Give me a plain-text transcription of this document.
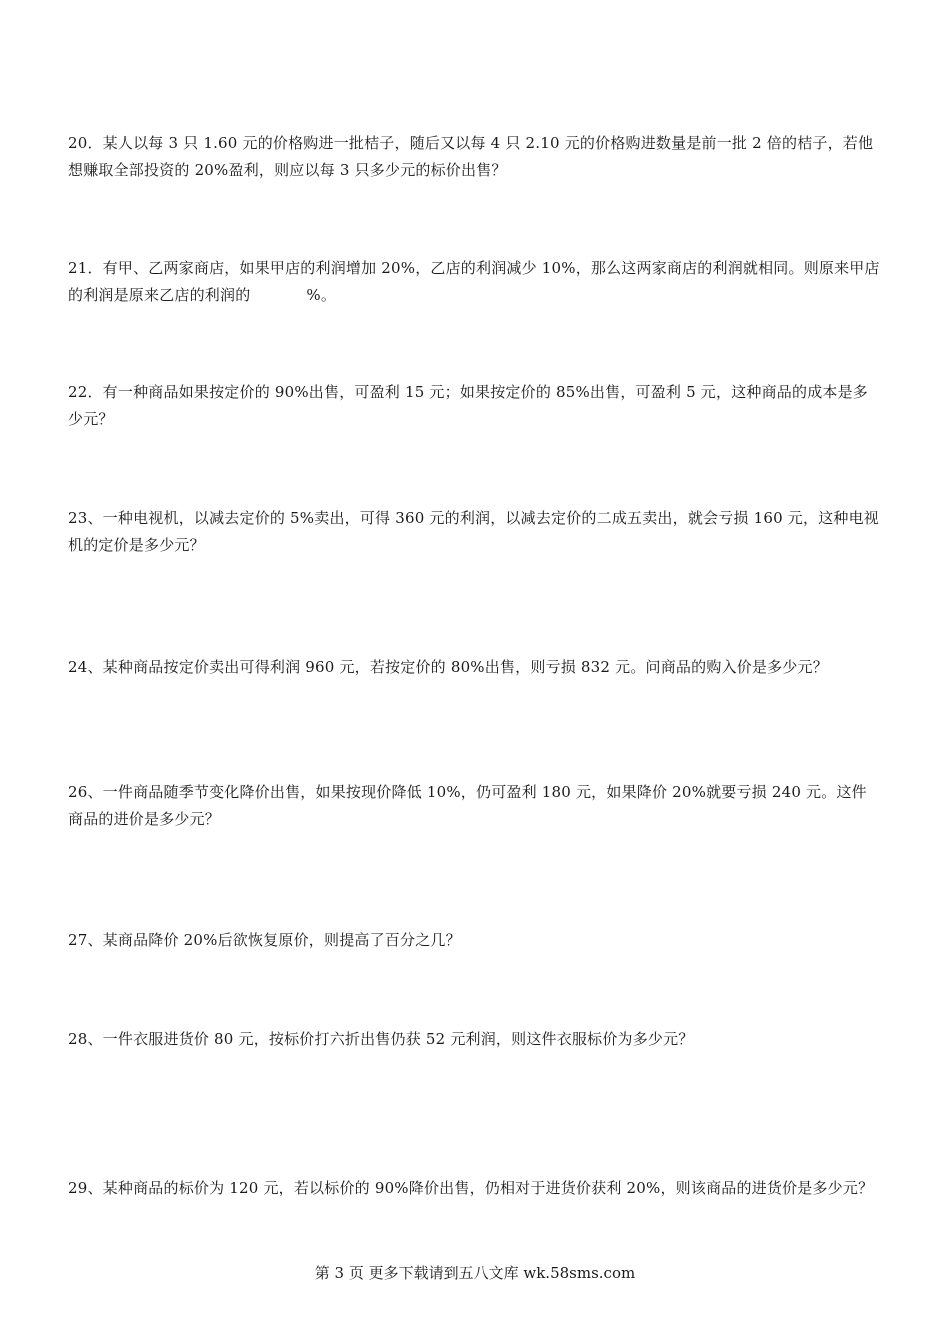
20．某人以每 3 只 1.60 元的价格购进一批桔子，随后又以每 4 只 2.10 元的价格购进数量是前一批 2 倍的桔子，若他想赚取全部投资的 20%盈利，则应以每 3 只多少元的标价出售？

21．有甲、乙两家商店，如果甲店的利润增加 20%，乙店的利润减少 10%，那么这两家商店的利润就相同。则原来甲店的利润是原来乙店的利润的	%。

22．有一种商品如果按定价的 90%出售，可盈利 15 元；如果按定价的 85%出售，可盈利 5 元，这种商品的成本是多少元？

23、一种电视机，以减去定价的 5%卖出，可得 360 元的利润，以减去定价的二成五卖出，就会亏损 160 元，这种电视机的定价是多少元？

24、某种商品按定价卖出可得利润 960 元，若按定价的 80%出售，则亏损 832 元。问商品的购入价是多少元？

26、一件商品随季节变化降价出售，如果按现价降低 10%，仍可盈利 180 元，如果降价 20%就要亏损 240 元。这件商品的进价是多少元？

27、某商品降价 20%后欲恢复原价，则提高了百分之几？

28、一件衣服进货价 80 元，按标价打六折出售仍获 52 元利润，则这件衣服标价为多少元？

29、某种商品的标价为 120 元，若以标价的 90%降价出售，仍相对于进货价获利 20%，则该商品的进货价是多少元？

第 3 页 更多下载请到五八文库 wk.58sms.com
